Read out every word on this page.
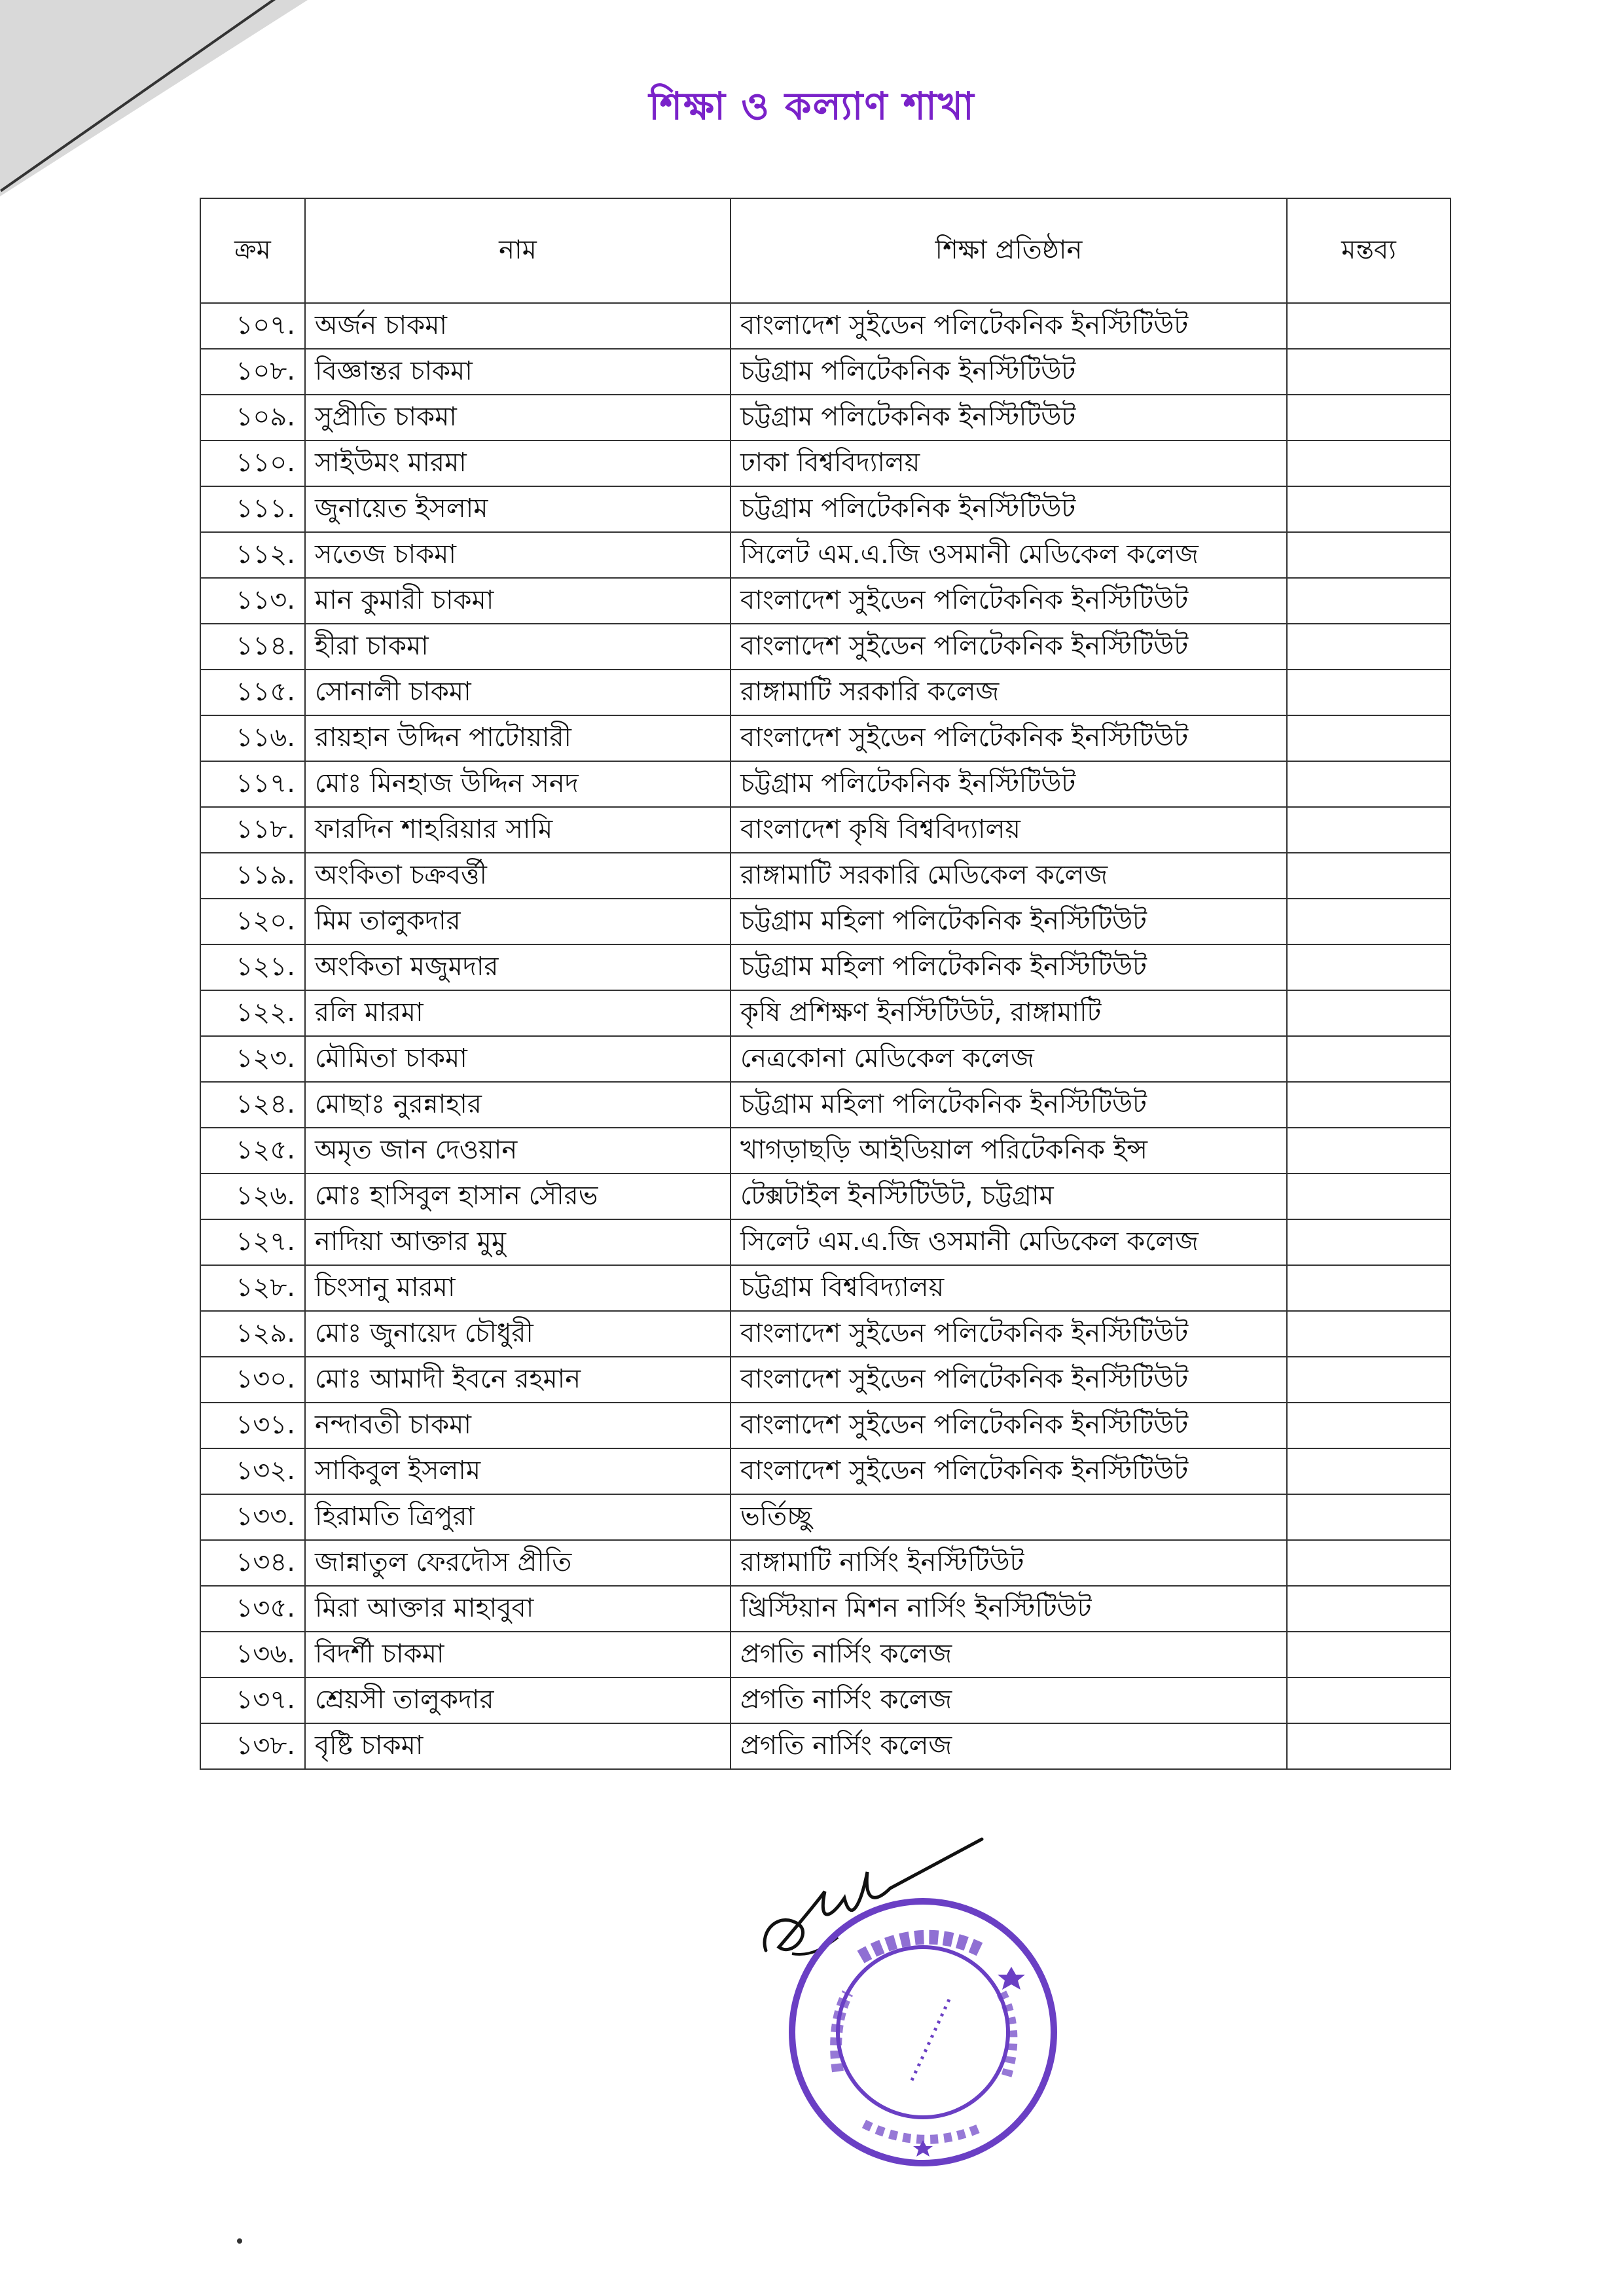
শিক্ষা ও কল্যাণ শাখা
ক্রম	নাম	শিক্ষা প্রতিষ্ঠান	মন্তব্য
১০৭.	অর্জন চাকমা	বাংলাদেশ সুইডেন পলিটেকনিক ইনস্টিটিউট	
১০৮.	বিজ্ঞান্তর চাকমা	চট্টগ্রাম পলিটেকনিক ইনস্টিটিউট	
১০৯.	সুপ্রীতি চাকমা	চট্টগ্রাম পলিটেকনিক ইনস্টিটিউট	
১১০.	সাইউমং মারমা	ঢাকা বিশ্ববিদ্যালয়	
১১১.	জুনায়েত ইসলাম	চট্টগ্রাম পলিটেকনিক ইনস্টিটিউট	
১১২.	সতেজ চাকমা	সিলেট এম.এ.জি ওসমানী মেডিকেল কলেজ	
১১৩.	মান কুমারী চাকমা	বাংলাদেশ সুইডেন পলিটেকনিক ইনস্টিটিউট	
১১৪.	হীরা চাকমা	বাংলাদেশ সুইডেন পলিটেকনিক ইনস্টিটিউট	
১১৫.	সোনালী চাকমা	রাঙ্গামাটি সরকারি কলেজ	
১১৬.	রায়হান উদ্দিন পাটোয়ারী	বাংলাদেশ সুইডেন পলিটেকনিক ইনস্টিটিউট	
১১৭.	মোঃ মিনহাজ উদ্দিন সনদ	চট্টগ্রাম পলিটেকনিক ইনস্টিটিউট	
১১৮.	ফারদিন শাহরিয়ার সামি	বাংলাদেশ কৃষি বিশ্ববিদ্যালয়	
১১৯.	অংকিতা চক্রবর্ত্তী	রাঙ্গামাটি সরকারি মেডিকেল কলেজ	
১২০.	মিম তালুকদার	চট্টগ্রাম মহিলা পলিটেকনিক ইনস্টিটিউট	
১২১.	অংকিতা মজুমদার	চট্টগ্রাম মহিলা পলিটেকনিক ইনস্টিটিউট	
১২২.	রলি মারমা	কৃষি প্রশিক্ষণ ইনস্টিটিউট, রাঙ্গামাটি	
১২৩.	মৌমিতা চাকমা	নেত্রকোনা মেডিকেল কলেজ	
১২৪.	মোছাঃ নুরন্নাহার	চট্টগ্রাম মহিলা পলিটেকনিক ইনস্টিটিউট	
১২৫.	অমৃত জান দেওয়ান	খাগড়াছড়ি আইডিয়াল পরিটেকনিক ইন্স	
১২৬.	মোঃ হাসিবুল হাসান সৌরভ	টেক্সটাইল ইনস্টিটিউট, চট্টগ্রাম	
১২৭.	নাদিয়া আক্তার মুমু	সিলেট এম.এ.জি ওসমানী মেডিকেল কলেজ	
১২৮.	চিংসানু মারমা	চট্টগ্রাম বিশ্ববিদ্যালয়	
১২৯.	মোঃ জুনায়েদ চৌধুরী	বাংলাদেশ সুইডেন পলিটেকনিক ইনস্টিটিউট	
১৩০.	মোঃ আমাদী ইবনে রহমান	বাংলাদেশ সুইডেন পলিটেকনিক ইনস্টিটিউট	
১৩১.	নন্দাবতী চাকমা	বাংলাদেশ সুইডেন পলিটেকনিক ইনস্টিটিউট	
১৩২.	সাকিবুল ইসলাম	বাংলাদেশ সুইডেন পলিটেকনিক ইনস্টিটিউট	
১৩৩.	হিরামতি ত্রিপুরা	ভর্তিচ্ছু	
১৩৪.	জান্নাতুল ফেরদৌস প্রীতি	রাঙ্গামাটি নার্সিং ইনস্টিটিউট	
১৩৫.	মিরা আক্তার মাহাবুবা	খ্রিস্টিয়ান মিশন নার্সিং ইনস্টিটিউট	
১৩৬.	বিদর্শী চাকমা	প্রগতি নার্সিং কলেজ	
১৩৭.	শ্রেয়সী তালুকদার	প্রগতি নার্সিং কলেজ	
১৩৮.	বৃষ্টি চাকমা	প্রগতি নার্সিং কলেজ	
